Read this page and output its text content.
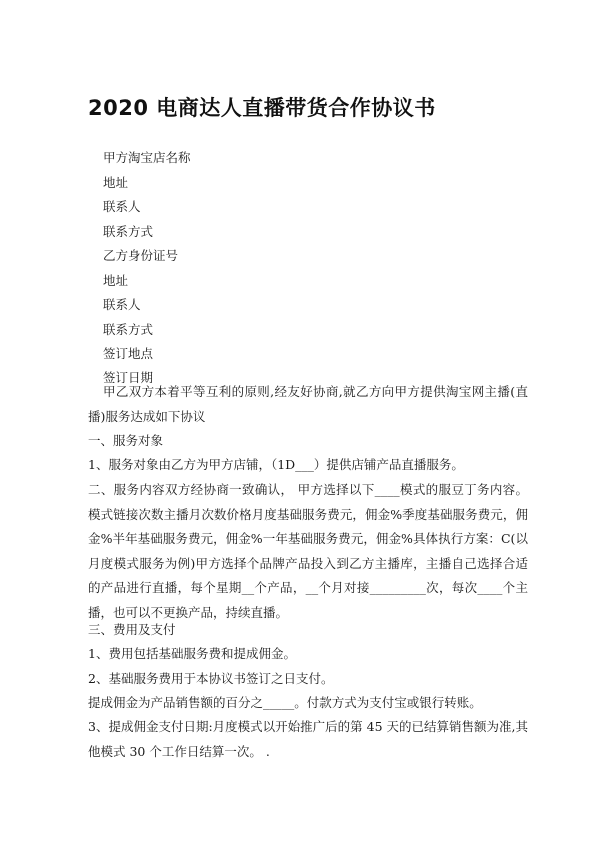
2020 电商达人直播带货合作协议书
甲方淘宝店名称
地址
联系人
联系方式
乙方身份证号
地址
联系人
联系方式
签订地点
签订日期
甲乙双方本着平等互利的原则,经友好协商,就乙方向甲方提供淘宝网主播(直播)服务达成如下协议
一、服务对象
1、服务对象由乙方为甲方店铺，（1D___）提供店铺产品直播服务。
二、服务内容双方经协商一致确认， 甲方选择以下____模式的服豆丁务内容。模式链接次数主播月次数价格月度基础服务费元，佣金%季度基础服务费元，佣金%半年基础服务费元，佣金%一年基础服务费元，佣金%具体执行方案：C(以月度模式服务为例)甲方选择个品牌产品投入到乙方主播库，主播自己选择合适的产品进行直播，每个星期__个产品，__个月对接_________次，每次____个主播，也可以不更换产品，持续直播。
三、费用及支付
1、费用包括基础服务费和提成佣金。
2、基础服务费用于本协议书签订之日支付。
提成佣金为产品销售额的百分之_____。付款方式为支付宝或银行转账。
3、提成佣金支付日期:月度模式以开始推广后的第 45 天的已结算销售额为准,其他模式 30 个工作日结算一次。 .
